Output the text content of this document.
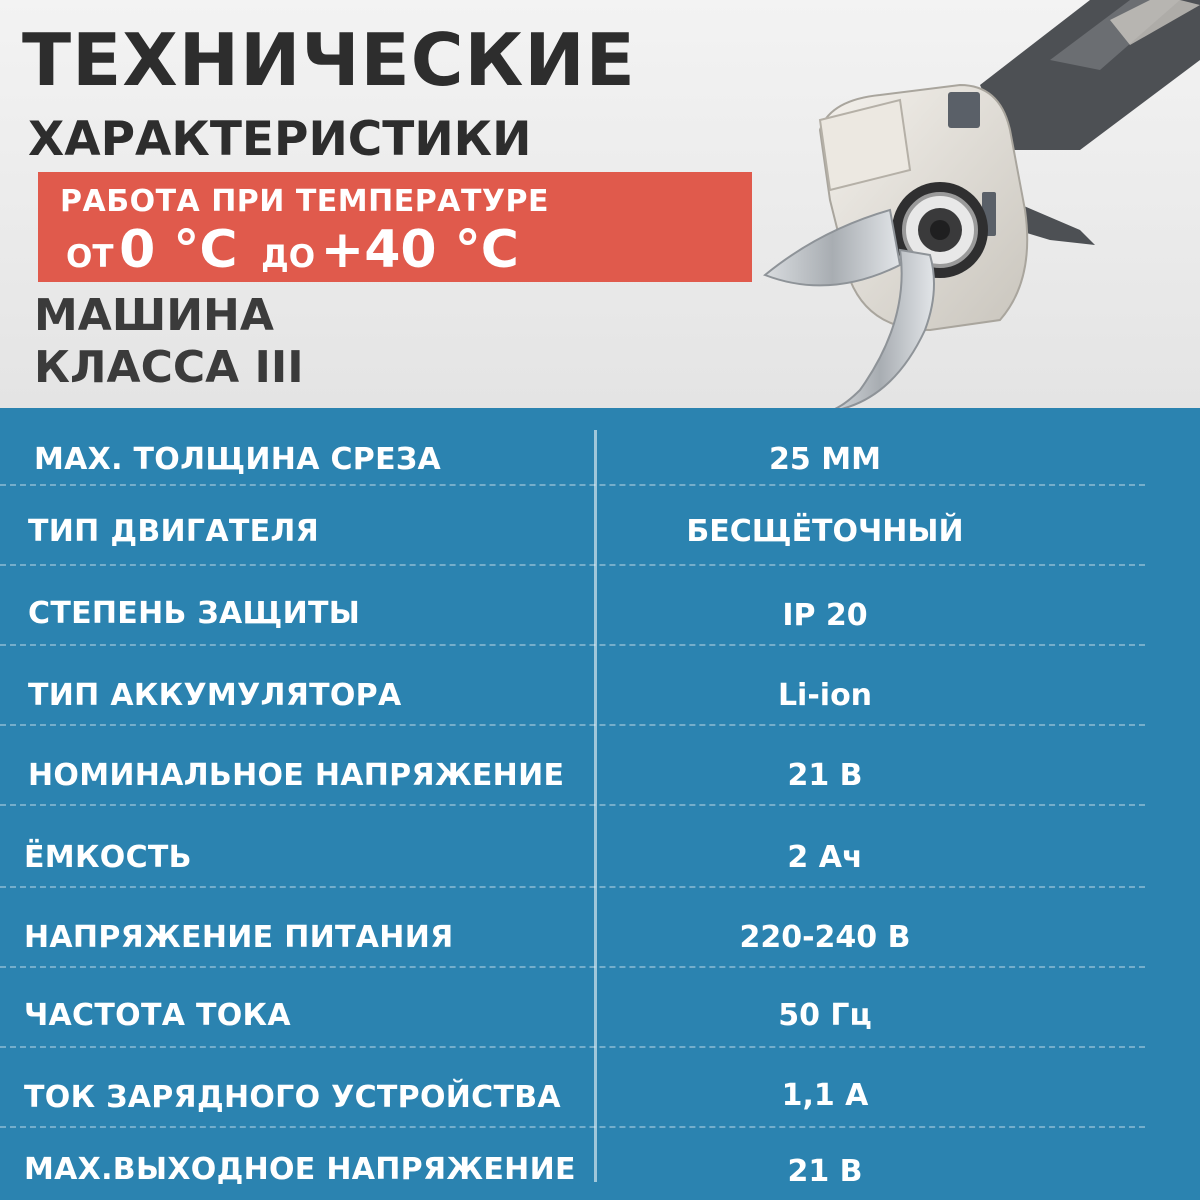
ТЕХНИЧЕСКИЕ
ХАРАКТЕРИСТИКИ
РАБОТА ПРИ ТЕМПЕРАТУРЕ
ОТ 0 °C ДО +40 °C
МАШИНА
КЛАССА III
MAX. ТОЛЩИНА СРЕЗА	25 ММ
ТИП ДВИГАТЕЛЯ	БЕСЩЁТОЧНЫЙ
СТЕПЕНЬ ЗАЩИТЫ	IP 20
ТИП АККУМУЛЯТОРА	Li-ion
НОМИНАЛЬНОЕ НАПРЯЖЕНИЕ	21 В
ЁМКОСТЬ	2 Ач
НАПРЯЖЕНИЕ ПИТАНИЯ	220-240 В
ЧАСТОТА ТОКА	50 Гц
ТОК ЗАРЯДНОГО УСТРОЙСТВА	1,1 А
MAX.ВЫХОДНОЕ НАПРЯЖЕНИЕ	21 В
